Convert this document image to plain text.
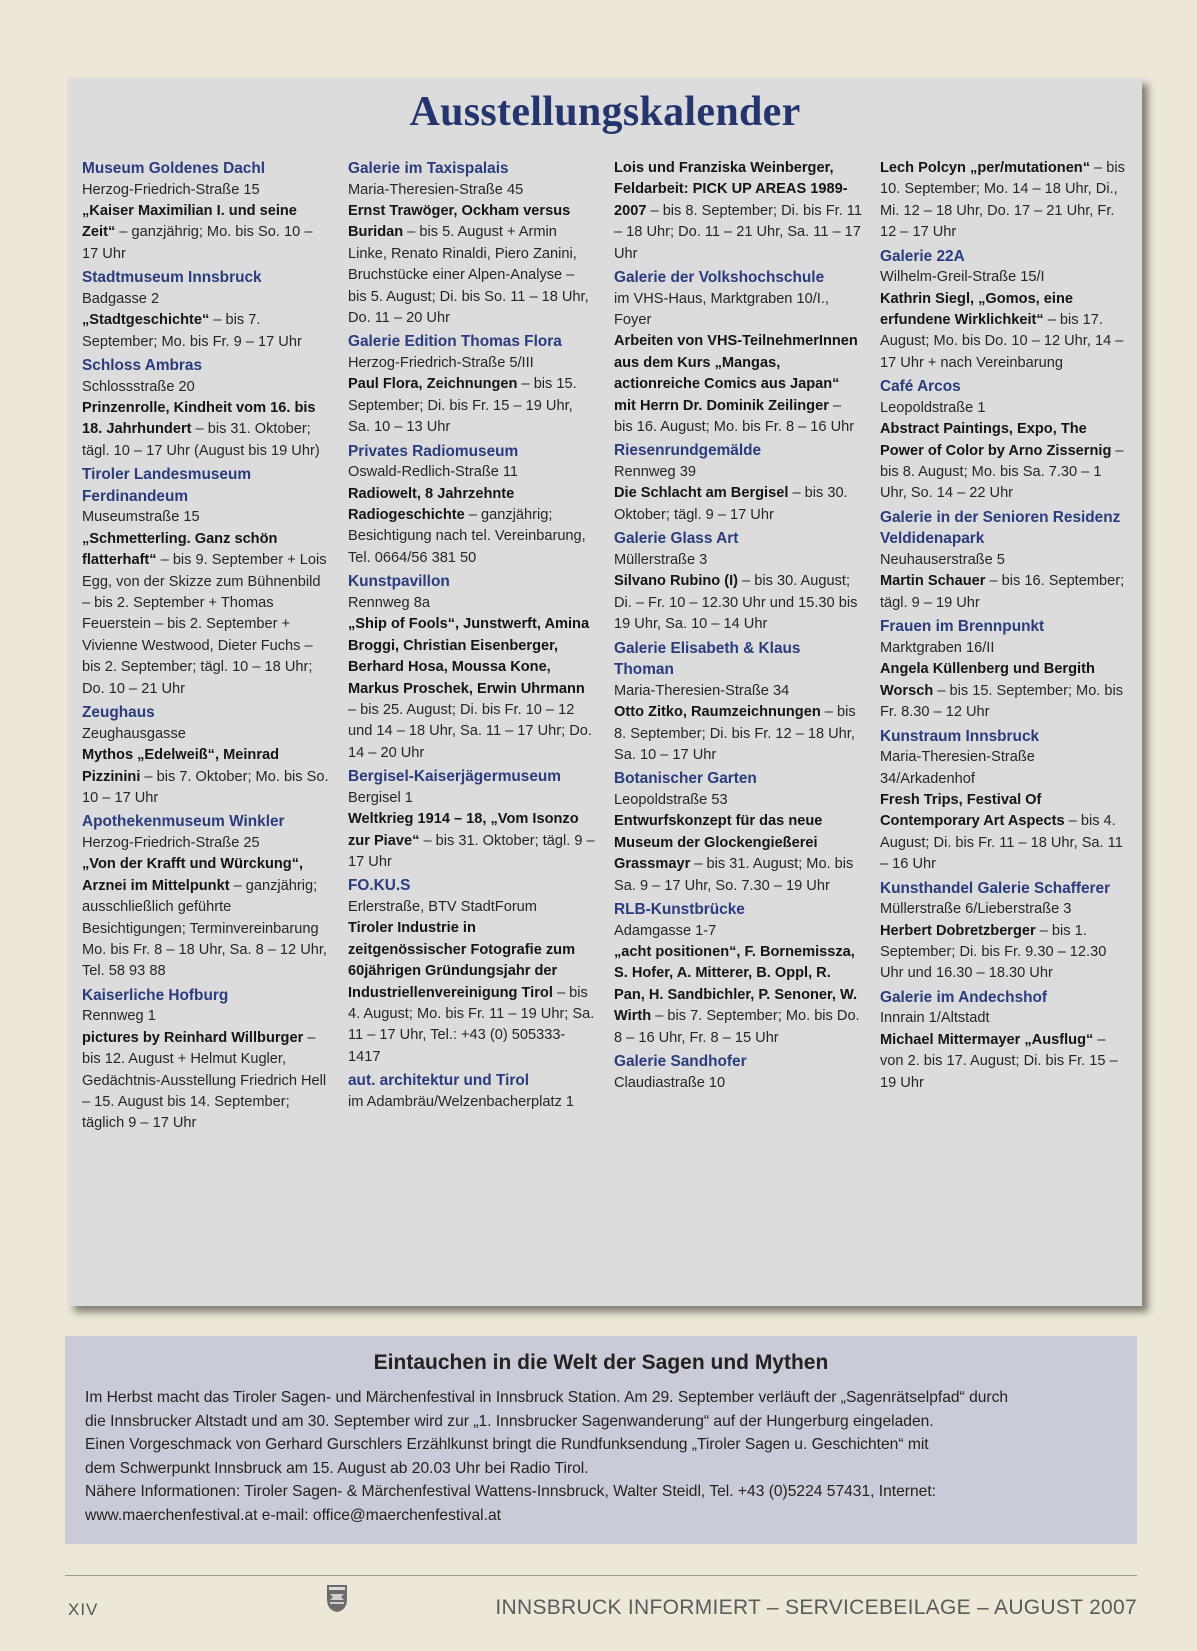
Ausstellungskalender
Museum Goldenes Dachl
Herzog-Friedrich-Straße 15
„Kaiser Maximilian I. und seine Zeit“ – ganzjährig; Mo. bis So. 10 – 17 Uhr
Stadtmuseum Innsbruck
Badgasse 2
„Stadtgeschichte“ – bis 7. September; Mo. bis Fr. 9 – 17 Uhr
Schloss Ambras
Schlossstraße 20
Prinzenrolle, Kindheit vom 16. bis 18. Jahrhundert – bis 31. Oktober; tägl. 10 – 17 Uhr (August bis 19 Uhr)
Tiroler Landesmuseum Ferdinandeum
Museumstraße 15
„Schmetterling. Ganz schön flatterhaft“ – bis 9. September + Lois Egg, von der Skizze zum Bühnenbild – bis 2. September + Thomas Feuerstein – bis 2. September + Vivienne Westwood, Dieter Fuchs – bis 2. September; tägl. 10 – 18 Uhr; Do. 10 – 21 Uhr
Zeughaus
Zeughausgasse
Mythos „Edelweiß“, Meinrad Pizzinini – bis 7. Oktober; Mo. bis So. 10 – 17 Uhr
Apothekenmuseum Winkler
Herzog-Friedrich-Straße 25
„Von der Krafft und Würckung“, Arznei im Mittelpunkt – ganzjährig; ausschließlich geführte Besichtigungen; Terminvereinbarung Mo. bis Fr. 8 – 18 Uhr, Sa. 8 – 12 Uhr, Tel. 58 93 88
Kaiserliche Hofburg
Rennweg 1
pictures by Reinhard Willburger – bis 12. August + Helmut Kugler, Gedächtnis-Ausstellung Friedrich Hell – 15. August bis 14. September; täglich 9 – 17 Uhr
Galerie im Taxispalais
Maria-Theresien-Straße 45
Ernst Trawöger, Ockham versus Buridan – bis 5. August + Armin Linke, Renato Rinaldi, Piero Zanini, Bruchstücke einer Alpen-Analyse – bis 5. August; Di. bis So. 11 – 18 Uhr, Do. 11 – 20 Uhr
Galerie Edition Thomas Flora
Herzog-Friedrich-Straße 5/III
Paul Flora, Zeichnungen – bis 15. September; Di. bis Fr. 15 – 19 Uhr, Sa. 10 – 13 Uhr
Privates Radiomuseum
Oswald-Redlich-Straße 11
Radiowelt, 8 Jahrzehnte Radiogeschichte – ganzjährig; Besichtigung nach tel. Vereinbarung, Tel. 0664/56 381 50
Kunstpavillon
Rennweg 8a
„Ship of Fools“, Junstwerft, Amina Broggi, Christian Eisenberger, Berhard Hosa, Moussa Kone, Markus Proschek, Erwin Uhrmann – bis 25. August; Di. bis Fr. 10 – 12 und 14 – 18 Uhr, Sa. 11 – 17 Uhr; Do. 14 – 20 Uhr
Bergisel-Kaiserjägermuseum
Bergisel 1
Weltkrieg 1914 – 18, „Vom Isonzo zur Piave“ – bis 31. Oktober; tägl. 9 – 17 Uhr
FO.KU.S
Erlerstraße, BTV StadtForum
Tiroler Industrie in zeitgenössischer Fotografie zum 60jährigen Gründungsjahr der Industriellenvereinigung Tirol – bis 4. August; Mo. bis Fr. 11 – 19 Uhr; Sa. 11 – 17 Uhr, Tel.: +43 (0) 505333-1417
aut. architektur und Tirol
im Adambräu/Welzenbacherplatz 1
Lois und Franziska Weinberger, Feldarbeit: PICK UP AREAS 1989-2007 – bis 8. September; Di. bis Fr. 11 – 18 Uhr; Do. 11 – 21 Uhr, Sa. 11 – 17 Uhr
Galerie der Volkshochschule
im VHS-Haus, Marktgraben 10/I., Foyer
Arbeiten von VHS-TeilnehmerInnen aus dem Kurs „Mangas, actionreiche Comics aus Japan“ mit Herrn Dr. Dominik Zeilinger – bis 16. August; Mo. bis Fr. 8 – 16 Uhr
Riesenrundgemälde
Rennweg 39
Die Schlacht am Bergisel – bis 30. Oktober; tägl. 9 – 17 Uhr
Galerie Glass Art
Müllerstraße 3
Silvano Rubino (I) – bis 30. August; Di. – Fr. 10 – 12.30 Uhr und 15.30 bis 19 Uhr, Sa. 10 – 14 Uhr
Galerie Elisabeth & Klaus Thoman
Maria-Theresien-Straße 34
Otto Zitko, Raumzeichnungen – bis 8. September; Di. bis Fr. 12 – 18 Uhr, Sa. 10 – 17 Uhr
Botanischer Garten
Leopoldstraße 53
Entwurfskonzept für das neue Museum der Glockengießerei Grassmayr – bis 31. August; Mo. bis Sa. 9 – 17 Uhr, So. 7.30 – 19 Uhr
RLB-Kunstbrücke
Adamgasse 1-7
„acht positionen“, F. Bornemissza, S. Hofer, A. Mitterer, B. Oppl, R. Pan, H. Sandbichler, P. Senoner, W. Wirth – bis 7. September; Mo. bis Do. 8 – 16 Uhr, Fr. 8 – 15 Uhr
Galerie Sandhofer
Claudiastraße 10
Lech Polcyn „per/mutationen“ – bis 10. September; Mo. 14 – 18 Uhr, Di., Mi. 12 – 18 Uhr, Do. 17 – 21 Uhr, Fr. 12 – 17 Uhr
Galerie 22A
Wilhelm-Greil-Straße 15/I
Kathrin Siegl, „Gomos, eine erfundene Wirklichkeit“ – bis 17. August; Mo. bis Do. 10 – 12 Uhr, 14 – 17 Uhr + nach Vereinbarung
Café Arcos
Leopoldstraße 1
Abstract Paintings, Expo, The Power of Color by Arno Zissernig – bis 8. August; Mo. bis Sa. 7.30 – 1 Uhr, So. 14 – 22 Uhr
Galerie in der Senioren Residenz Veldidenapark
Neuhauserstraße 5
Martin Schauer – bis 16. September; tägl. 9 – 19 Uhr
Frauen im Brennpunkt
Marktgraben 16/II
Angela Küllenberg und Bergith Worsch – bis 15. September; Mo. bis Fr. 8.30 – 12 Uhr
Kunstraum Innsbruck
Maria-Theresien-Straße 34/Arkadenhof
Fresh Trips, Festival Of Contemporary Art Aspects – bis 4. August; Di. bis Fr. 11 – 18 Uhr, Sa. 11 – 16 Uhr
Kunsthandel Galerie Schafferer
Müllerstraße 6/Lieberstraße 3
Herbert Dobretzberger – bis 1. September; Di. bis Fr. 9.30 – 12.30 Uhr und 16.30 – 18.30 Uhr
Galerie im Andechshof
Innrain 1/Altstadt
Michael Mittermayer „Ausflug“ – von 2. bis 17. August; Di. bis Fr. 15 – 19 Uhr
Eintauchen in die Welt der Sagen und Mythen
Im Herbst macht das Tiroler Sagen- und Märchenfestival in Innsbruck Station. Am 29. September verläuft der „Sagenrätselpfad“ durch
die Innsbrucker Altstadt und am 30. September wird zur „1. Innsbrucker Sagenwanderung“ auf der Hungerburg eingeladen.
Einen Vorgeschmack von Gerhard Gurschlers Erzählkunst bringt die Rundfunksendung „Tiroler Sagen u. Geschichten“ mit
dem Schwerpunkt Innsbruck am 15. August ab 20.03 Uhr bei Radio Tirol.
Nähere Informationen: Tiroler Sagen- & Märchenfestival Wattens-Innsbruck, Walter Steidl, Tel. +43 (0)5224 57431, Internet:
www.maerchenfestival.at e-mail: office@maerchenfestival.at
XIV	INNSBRUCK INFORMIERT – SERVICEBEILAGE – AUGUST 2007
